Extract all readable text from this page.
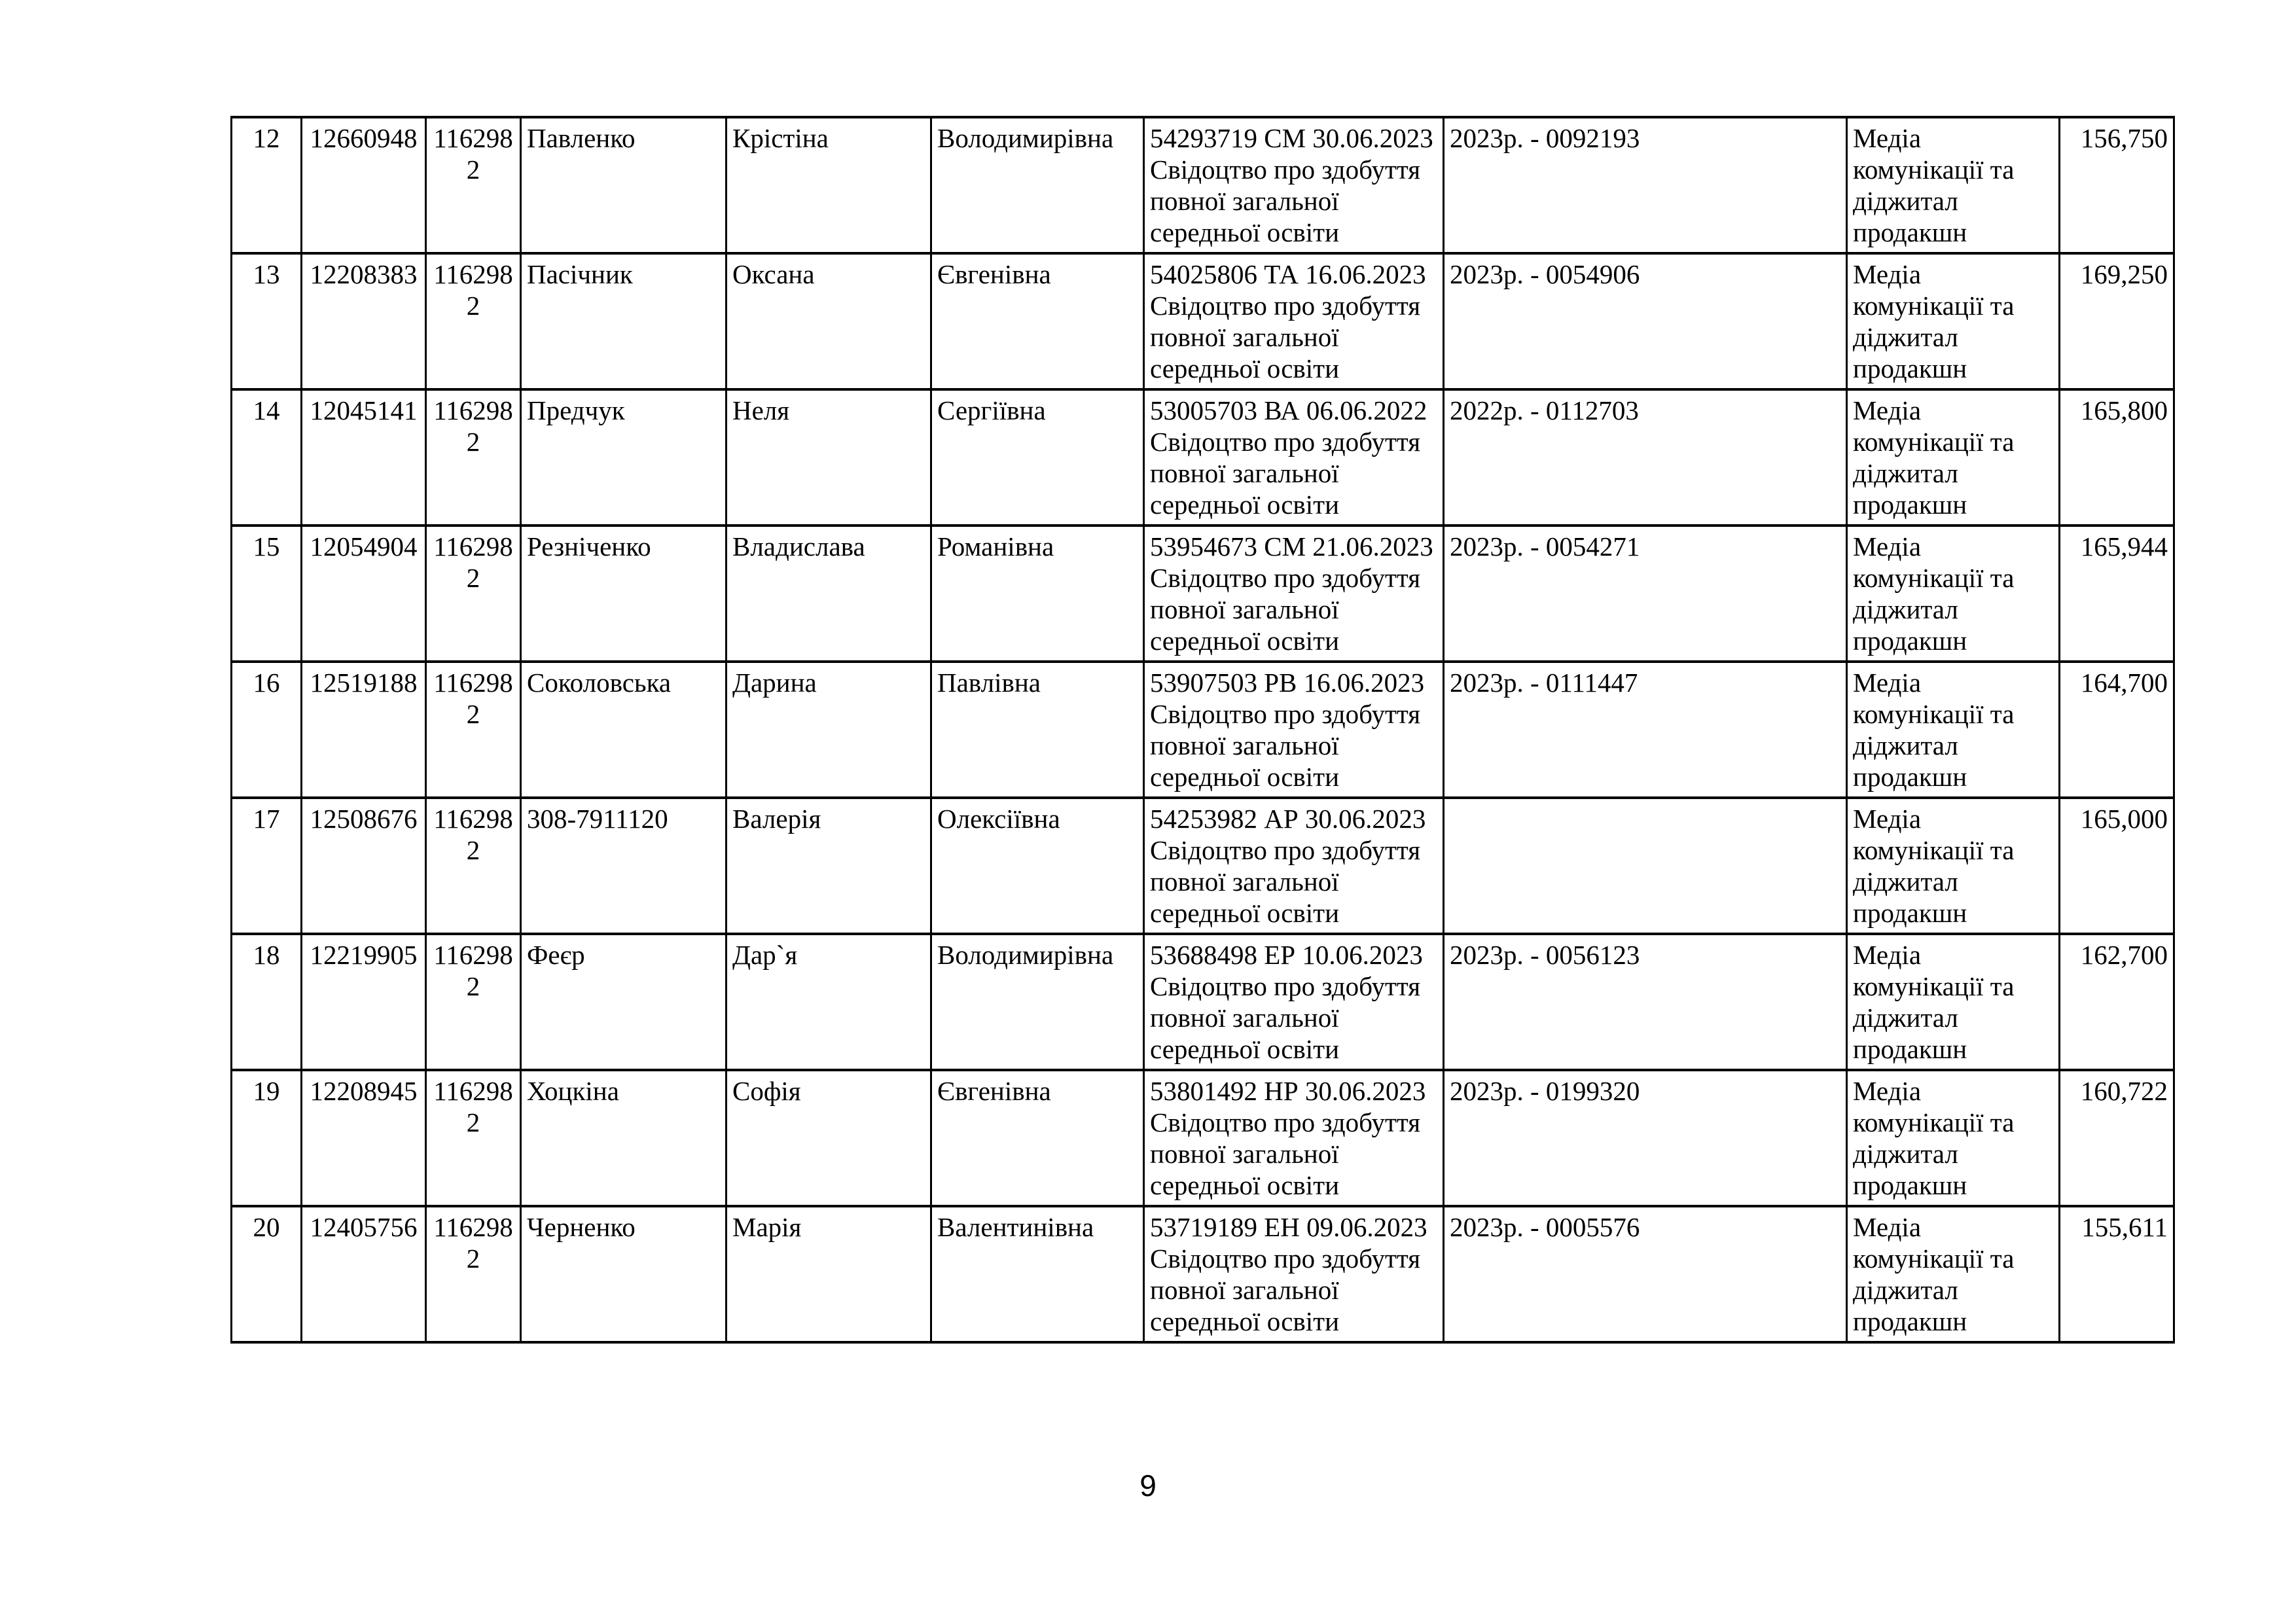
12	12660948	1162982	Павленко	Крістіна	Володимирівна	54293719 СМ 30.06.2023
Свідоцтво про здобуття повної загальної середньої освіти	2023р. - 0092193	Медіа комунікації та діджитал продакшн	156,750
13	12208383	1162982	Пасічник	Оксана	Євгенівна	54025806 ТА 16.06.2023
Свідоцтво про здобуття повної загальної середньої освіти	2023р. - 0054906	Медіа комунікації та діджитал продакшн	169,250
14	12045141	1162982	Предчук	Неля	Сергіївна	53005703 ВА 06.06.2022
Свідоцтво про здобуття повної загальної середньої освіти	2022р. - 0112703	Медіа комунікації та діджитал продакшн	165,800
15	12054904	1162982	Резніченко	Владислава	Романівна	53954673 СМ 21.06.2023
Свідоцтво про здобуття повної загальної середньої освіти	2023р. - 0054271	Медіа комунікації та діджитал продакшн	165,944
16	12519188	1162982	Соколовська	Дарина	Павлівна	53907503 РВ 16.06.2023
Свідоцтво про здобуття повної загальної середньої освіти	2023р. - 0111447	Медіа комунікації та діджитал продакшн	164,700
17	12508676	1162982	308-7911120	Валерія	Олексіївна	54253982 АР 30.06.2023
Свідоцтво про здобуття повної загальної середньої освіти		Медіа комунікації та діджитал продакшн	165,000
18	12219905	1162982	Феєр	Дар`я	Володимирівна	53688498 ЕР 10.06.2023
Свідоцтво про здобуття повної загальної середньої освіти	2023р. - 0056123	Медіа комунікації та діджитал продакшн	162,700
19	12208945	1162982	Хоцкіна	Софія	Євгенівна	53801492 НР 30.06.2023
Свідоцтво про здобуття повної загальної середньої освіти	2023р. - 0199320	Медіа комунікації та діджитал продакшн	160,722
20	12405756	1162982	Черненко	Марія	Валентинівна	53719189 ЕН 09.06.2023
Свідоцтво про здобуття повної загальної середньої освіти	2023р. - 0005576	Медіа комунікації та діджитал продакшн	155,611
9
